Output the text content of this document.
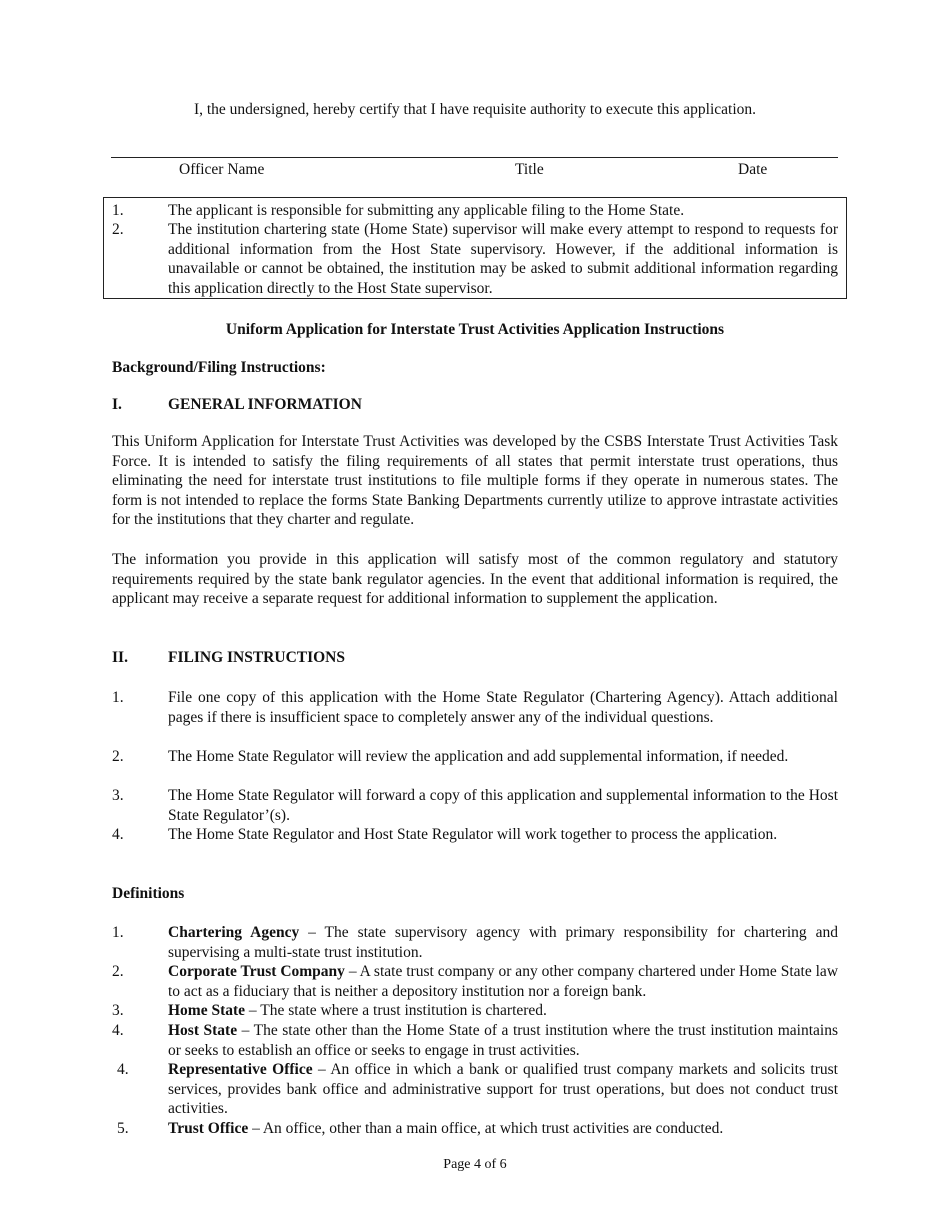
I, the undersigned, hereby certify that I have requisite authority to execute this application.
Officer Name	Title	Date
1.	The applicant is responsible for submitting any applicable filing to the Home State.
2.	The institution chartering state (Home State) supervisor will make every attempt to respond to requests for additional information from the Host State supervisory. However, if the additional information is unavailable or cannot be obtained, the institution may be asked to submit additional information regarding this application directly to the Host State supervisor.
Uniform Application for Interstate Trust Activities Application Instructions
Background/Filing Instructions:
I.	GENERAL INFORMATION

This Uniform Application for Interstate Trust Activities was developed by the CSBS Interstate Trust Activities Task Force. It is intended to satisfy the filing requirements of all states that permit interstate trust operations, thus eliminating the need for interstate trust institutions to file multiple forms if they operate in numerous states. The form is not intended to replace the forms State Banking Departments currently utilize to approve intrastate activities for the institutions that they charter and regulate.

The information you provide in this application will satisfy most of the common regulatory and statutory requirements required by the state bank regulator agencies. In the event that additional information is required, the applicant may receive a separate request for additional information to supplement the application.

II.	FILING INSTRUCTIONS
1.	File one copy of this application with the Home State Regulator (Chartering Agency). Attach additional pages if there is insufficient space to completely answer any of the individual questions.
2.	The Home State Regulator will review the application and add supplemental information, if needed.
3.	The Home State Regulator will forward a copy of this application and supplemental information to the Host State Regulator’(s).
4.	The Home State Regulator and Host State Regulator will work together to process the application.
Definitions
1.	Chartering Agency – The state supervisory agency with primary responsibility for chartering and supervising a multi-state trust institution.
2.	Corporate Trust Company – A state trust company or any other company chartered under Home State law to act as a fiduciary that is neither a depository institution nor a foreign bank.
3.	Home State – The state where a trust institution is chartered.
4.	Host State – The state other than the Home State of a trust institution where the trust institution maintains or seeks to establish an office or seeks to engage in trust activities.
4.	Representative Office – An office in which a bank or qualified trust company markets and solicits trust services, provides bank office and administrative support for trust operations, but does not conduct trust activities.
5.	Trust Office – An office, other than a main office, at which trust activities are conducted.
Page 4 of 6
